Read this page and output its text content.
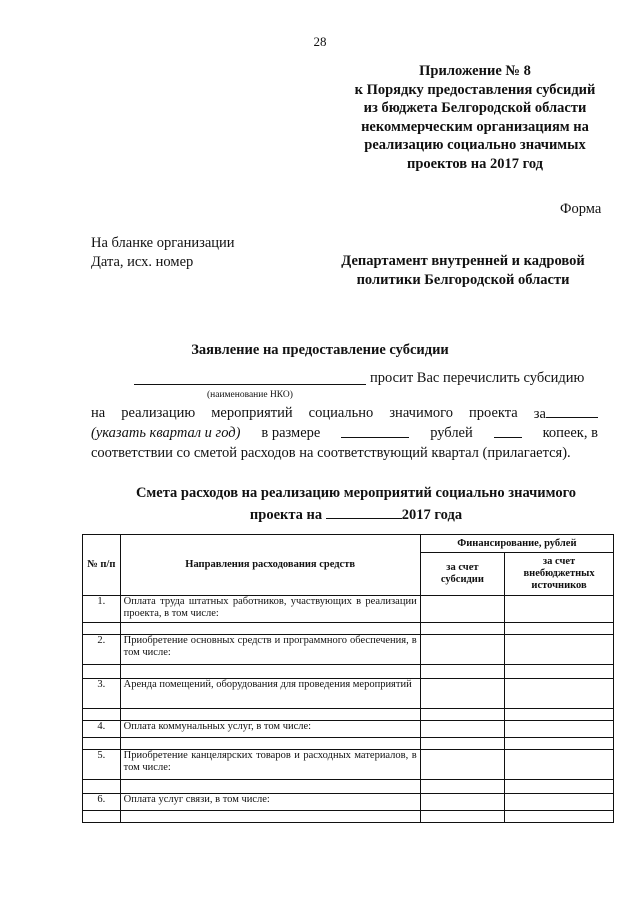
28
Приложение № 8
к Порядку предоставления субсидий
из бюджета Белгородской области
некоммерческим организациям на
реализацию социально значимых
проектов на 2017 год
Форма
На бланке организации
Дата, исх. номер	Департамент внутренней и кадровой
политики Белгородской области
Заявление на предоставление субсидии
просит Вас перечислить субсидию
(наименование НКО)
на реализацию мероприятий социально значимого проекта за
(указать квартал и год) в размере	рублей	копеек, в
соответствии со сметой расходов на соответствующий квартал (прилагается).
Смета расходов на реализацию мероприятий социально значимого
проекта на	2017 года
№ п/п	Направления расходования средств	Финансирование, рублей	
		за счет субсидии	за счет внебюджетных источников
1.	Оплата труда штатных работников, участвующих в реализации проекта, в том числе:		

2.	Приобретение основных средств и программного обеспечения, в том числе:		

3.	Аренда помещений, оборудования для проведения мероприятий		

4.	Оплата коммунальных услуг, в том числе:		

5.	Приобретение канцелярских товаров и расходных материалов, в том числе:		

6.	Оплата услуг связи, в том числе:		
